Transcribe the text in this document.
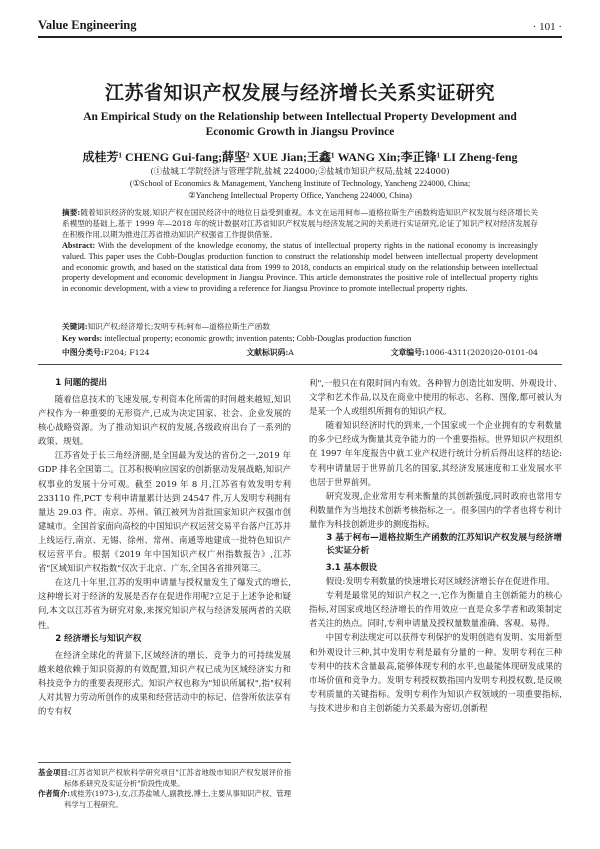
Value Engineering	· 101 ·
江苏省知识产权发展与经济增长关系实证研究
An Empirical Study on the Relationship between Intellectual Property Development and Economic Growth in Jiangsu Province
成桂芳¹ CHENG Gui-fang;薛坚² XUE Jian;王鑫¹ WANG Xin;李正锋¹ LI Zheng-feng
(①盐城工学院经济与管理学院,盐城 224000;②盐城市知识产权局,盐城 224000)
(①School of Economics & Management, Yancheng Institute of Technology, Yancheng 224000, China;
②Yancheng Intellectual Property Office, Yancheng 224000, China)
摘要:随着知识经济的发展,知识产权在国民经济中的地位日益受到重视。本文在运用柯布—道格拉斯生产函数构造知识产权发展与经济增长关系模型的基础上,基于 1999 年—2018 年的统计数据对江苏省知识产权发展与经济发展之间的关系进行实证研究,论证了知识产权对经济发展存在积极作用,以期为推进江苏省推动知识产权强省工作提供借鉴。
Abstract: With the development of the knowledge economy, the status of intellectual property rights in the national economy is increasingly valued. This paper uses the Cobb-Douglas production function to construct the relationship model between intellectual property development and economic growth, and based on the statistical data from 1999 to 2018, conducts an empirical study on the relationship between intellectual property development and economic development in Jiangsu Province. This article demonstrates the positive role of intellectual property rights in economic development, with a view to providing a reference for Jiangsu Province to promote intellectual property rights.
关键词:知识产权;经济增长;发明专利;柯布—道格拉斯生产函数
Key words: intellectual property; economic growth; invention patents; Cobb-Douglas production function
中图分类号:F204; F124	文献标识码:A	文章编号:1006-4311(2020)20-0101-04
1 问题的提出

随着信息技术的飞速发展,专利资本化所需的时间越来越短,知识产权作为一种重要的无形资产,已成为决定国家、社会、企业发展的核心战略资源。为了推动知识产权的发展,各级政府出台了一系列的政策、规划。

江苏省处于长三角经济圈,是全国最为发达的省份之一,2019 年 GDP 排名全国第二。江苏积极响应国家的创新驱动发展战略,知识产权事业的发展十分可观。截至 2019 年 8 月,江苏省有效发明专利 233110 件,PCT 专利申请量累计达到 24547 件,万人发明专利拥有量达 29.03 件。南京、苏州、镇江被列为首批国家知识产权强市创建城市。全国首家面向高校的中国知识产权运营交易平台落户江苏并上线运行,南京、无锡、徐州、常州、南通等地建成一批特色知识产权运营平台。根据《2019 年中国知识产权广州指数报告》,江苏省"区域知识产权指数"仅次于北京、广东,全国各省排列第三。

在这几十年里,江苏的发明申请量与授权量发生了爆发式的增长,这种增长对于经济的发展是否存在促进作用呢?立足于上述争论和疑问,本文以江苏省为研究对象,来探究知识产权与经济发展两者的关联性。

2 经济增长与知识产权

在经济全球化的背景下,区域经济的增长、竞争力的可持续发展越来越依赖于知识资源的有效配置,知识产权已成为区域经济实力和科技竞争力的重要表现形式。知识产权也称为"知识所属权",指"权利人对其智力劳动所创作的成果和经营活动中的标记、信誉所依法享有的专有权

利",一般只在有限时间内有效。各种智力创造比如发明、外观设计、文学和艺术作品,以及在商业中使用的标志、名称、图像,都可被认为是某一个人或组织所拥有的知识产权。

随着知识经济时代的到来,一个国家或一个企业拥有的专利数量的多少已经成为衡量其竞争能力的一个重要指标。世界知识产权组织在 1997 年年度报告中就工业产权进行统计分析后得出这样的结论:专利申请量居于世界前几名的国家,其经济发展速度和工业发展水平也居于世界前列。

研究发现,企业常用专利来衡量的其创新强度,同时政府也常用专利数量作为当地技术创新考核指标之一。很多国内的学者也将专利计量作为科技创新进步的测度指标。

3 基于柯布—道格拉斯生产函数的江苏知识产权发展与经济增长实证分析
3.1 基本假设

假设:发明专利数量的快速增长对区域经济增长存在促进作用。

专利是最常见的知识产权之一,它作为衡量自主创新能力的核心指标,对国家或地区经济增长的作用效应一直是众多学者和政策制定者关注的热点。同时,专利申请量及授权量数量准确、客观、易得。

中国专利法规定可以获得专利保护的发明创造有发明、实用新型和外观设计三种,其中发明专利是最有分量的一种。发明专利在三种专利中的技术含量最高,能够体现专利的水平,也最能体现研发成果的市场价值和竞争力。发明专利授权数指国内发明专利授权数,是反映专利质量的关键指标。发明专利作为知识产权领域的一项重要指标,与技术进步和自主创新能力关系最为密切,创新程

基金项目:江苏省知识产权软科学研究项目"江苏省地级市知识产权发展评价指标体系研究及实证分析"阶段性成果。
作者简介:成桂芳(1973-),女,江苏盐城人,副教授,博士,主要从事知识产权、管理科学与工程研究。
